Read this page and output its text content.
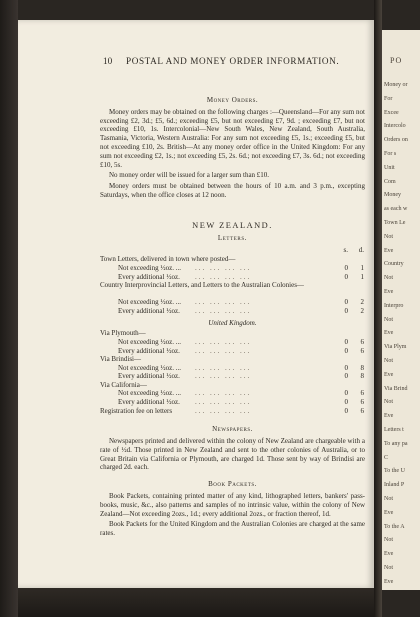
10 POSTAL AND MONEY ORDER INFORMATION.
Money Orders.

Money orders may be obtained on the following charges :—Queensland—For any sum not exceeding £2, 3d.; £5, 6d.; exceeding £5, but not exceeding £7, 9d. ; exceeding £7, but not exceeding £10, 1s. Intercolonial—New South Wales, New Zealand, South Australia, Tasmania, Victoria, Western Australia: For any sum not exceeding £5, 1s.; exceeding £5, but not exceeding £10, 2s. British—At any money order office in the United Kingdom: For any sum not exceeding £2, 1s.; not exceeding £5, 2s. 6d.; not exceeding £7, 3s. 6d.; not exceeding £10, 5s.

No money order will be issued for a larger sum than £10.

Money orders must be obtained between the hours of 10 a.m. and 3 p.m., excepting Saturdays, when the office closes at 12 noon.

NEW ZEALAND.
Letters.
s. d.
Town Letters, delivered in town where posted—
Not exceeding ½oz. ... ... ... ... ...	0 1
Every additional ½oz. ... ... ... ...	0 1
Country Interprovincial Letters, and Letters to the Australian Colonies—
Not exceeding ½oz. ... ... ... ... ...	0 2
Every additional ½oz. ... ... ... ...	0 2
United Kingdom.
Via Plymouth—
Not exceeding ½oz. ... ... ... ... ...	0 6
Every additional ½oz. ... ... ... ...	0 6
Via Brindisi—
Not exceeding ½oz. ... ... ... ... ...	0 8
Every additional ½oz. ... ... ... ...	0 8
Via California—
Not exceeding ½oz. ... ... ... ... ...	0 6
Every additional ½oz. ... ... ... ...	0 6
Registration fee on letters	... ... ... ...	0 6
Newspapers.

Newspapers printed and delivered within the colony of New Zealand are chargeable with a rate of ½d. Those printed in New Zealand and sent to the other colonies of Australia, or to Great Britain via California or Plymouth, are charged 1d. Those sent by way of Brindisi are charged 2d. each.

Book Packets.

Book Packets, containing printed matter of any kind, lithographed letters, bankers' pass-books, music, &c., also patterns and samples of no intrinsic value, within the colony of New Zealand—Not exceeding 2ozs., 1d.; every additional 2ozs., or fraction thereof, 1d.

Book Packets for the United Kingdom and the Australian Colonies are charged at the same rates.

PO
Money or
For
Excee
Intercolo
Orders on
For s
Unit
Com
Money
as each w
Town Le
Not
Eve
Country
Not
Eve
Interpro
Not
Eve
Via Plym
Not
Eve
Via Brind
Not
Eve
Letters t
To any pa
C
To the U
Inland P
Not
Eve
To the A
Not
Eve
Not
Eve
